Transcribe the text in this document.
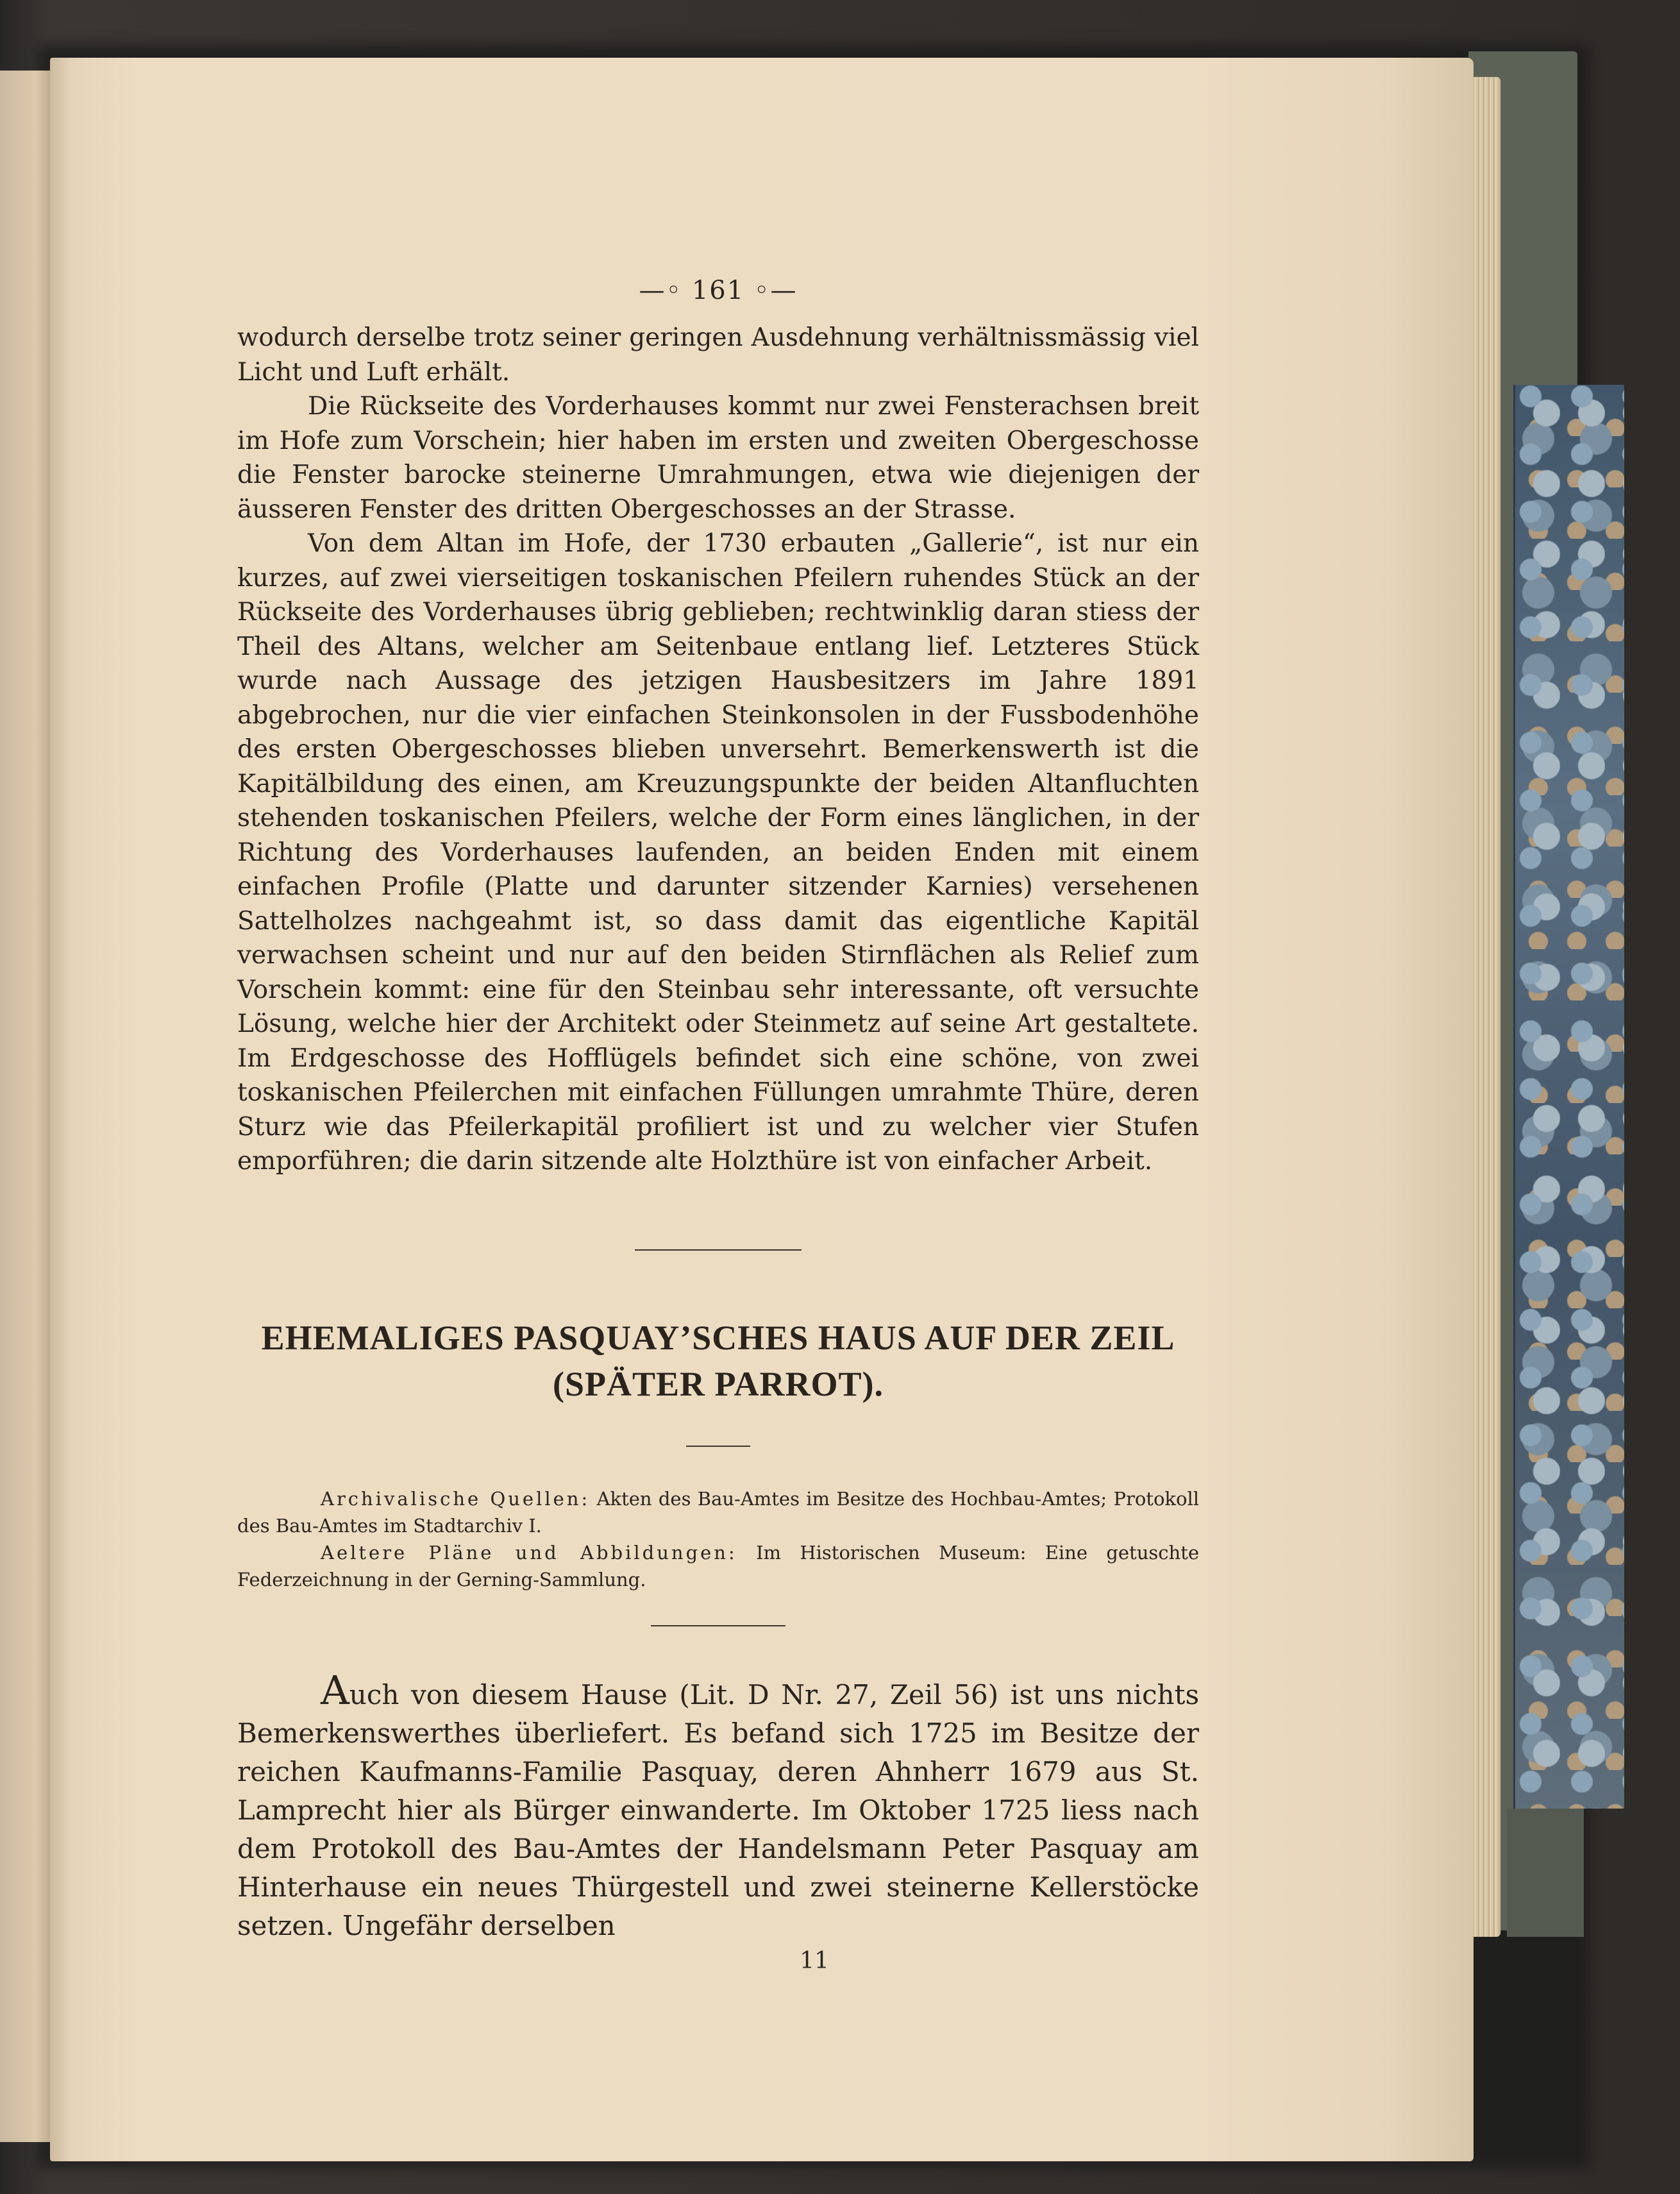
—◦ 161 ◦—

wodurch derselbe trotz seiner geringen Ausdehnung verhältnissmässig viel Licht und Luft erhält.

Die Rückseite des Vorderhauses kommt nur zwei Fensterachsen breit im Hofe zum Vorschein; hier haben im ersten und zweiten Obergeschosse die Fenster barocke steinerne Umrahmungen, etwa wie diejenigen der äusseren Fenster des dritten Obergeschosses an der Strasse.

Von dem Altan im Hofe, der 1730 erbauten „Gallerie“, ist nur ein kurzes, auf zwei vierseitigen toskanischen Pfeilern ruhendes Stück an der Rückseite des Vorderhauses übrig geblieben; rechtwinklig daran stiess der Theil des Altans, welcher am Seitenbaue entlang lief. Letzteres Stück wurde nach Aussage des jetzigen Hausbesitzers im Jahre 1891 abgebrochen, nur die vier einfachen Steinkonsolen in der Fussbodenhöhe des ersten Obergeschosses blieben unversehrt. Bemerkenswerth ist die Kapitälbildung des einen, am Kreuzungspunkte der beiden Altanfluchten stehenden toskanischen Pfeilers, welche der Form eines länglichen, in der Richtung des Vorderhauses laufenden, an beiden Enden mit einem einfachen Profile (Platte und darunter sitzender Karnies) versehenen Sattelholzes nachgeahmt ist, so dass damit das eigentliche Kapitäl verwachsen scheint und nur auf den beiden Stirnflächen als Relief zum Vorschein kommt: eine für den Steinbau sehr interessante, oft versuchte Lösung, welche hier der Architekt oder Steinmetz auf seine Art gestaltete. Im Erdgeschosse des Hofflügels befindet sich eine schöne, von zwei toskanischen Pfeilerchen mit einfachen Füllungen umrahmte Thüre, deren Sturz wie das Pfeilerkapitäl profiliert ist und zu welcher vier Stufen emporführen; die darin sitzende alte Holzthüre ist von einfacher Arbeit.

EHEMALIGES PASQUAY’SCHES HAUS AUF DER ZEIL
(SPÄTER PARROT).

Archivalische Quellen: Akten des Bau-Amtes im Besitze des Hochbau-Amtes; Protokoll des Bau-Amtes im Stadtarchiv I.

Aeltere Pläne und Abbildungen: Im Historischen Museum: Eine getuschte Federzeichnung in der Gerning-Sammlung.

Auch von diesem Hause (Lit. D Nr. 27, Zeil 56) ist uns nichts Bemerkenswerthes überliefert. Es befand sich 1725 im Besitze der reichen Kaufmanns-Familie Pasquay, deren Ahnherr 1679 aus St. Lamprecht hier als Bürger einwanderte. Im Oktober 1725 liess nach dem Protokoll des Bau-Amtes der Handelsmann Peter Pasquay am Hinterhause ein neues Thürgestell und zwei steinerne Kellerstöcke setzen. Ungefähr derselben

11
